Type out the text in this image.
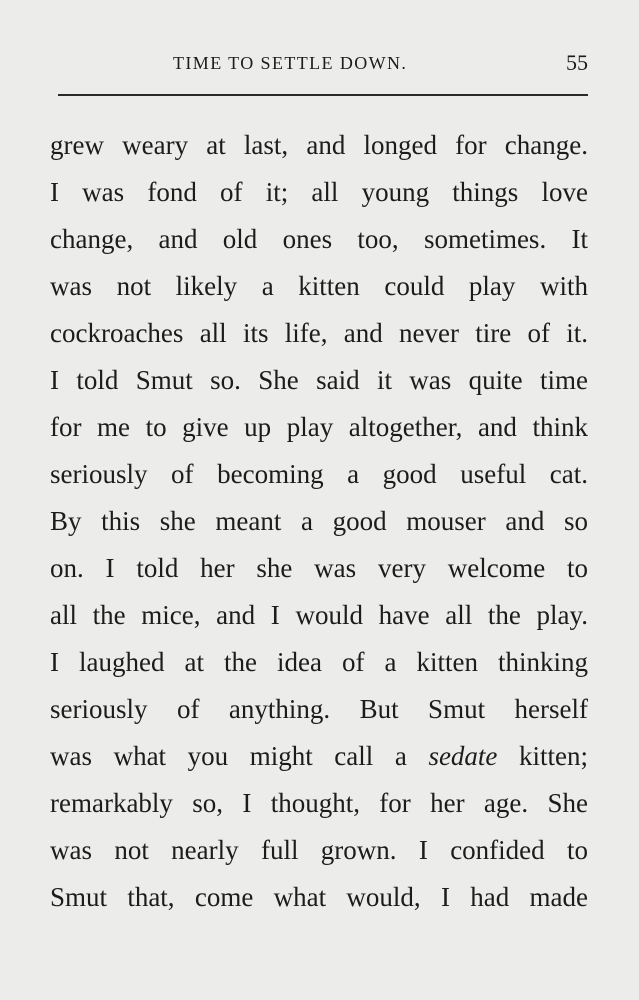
TIME TO SETTLE DOWN.	55
grew weary at last, and longed for change.
I was fond of it; all young things love
change, and old ones too, sometimes. It
was not likely a kitten could play with
cockroaches all its life, and never tire of it.
I told Smut so. She said it was quite time
for me to give up play altogether, and think
seriously of becoming a good useful cat.
By this she meant a good mouser and so
on. I told her she was very welcome to
all the mice, and I would have all the play.
I laughed at the idea of a kitten thinking
seriously of anything. But Smut herself
was what you might call a sedate kitten;
remarkably so, I thought, for her age. She
was not nearly full grown. I confided to
Smut that, come what would, I had made
